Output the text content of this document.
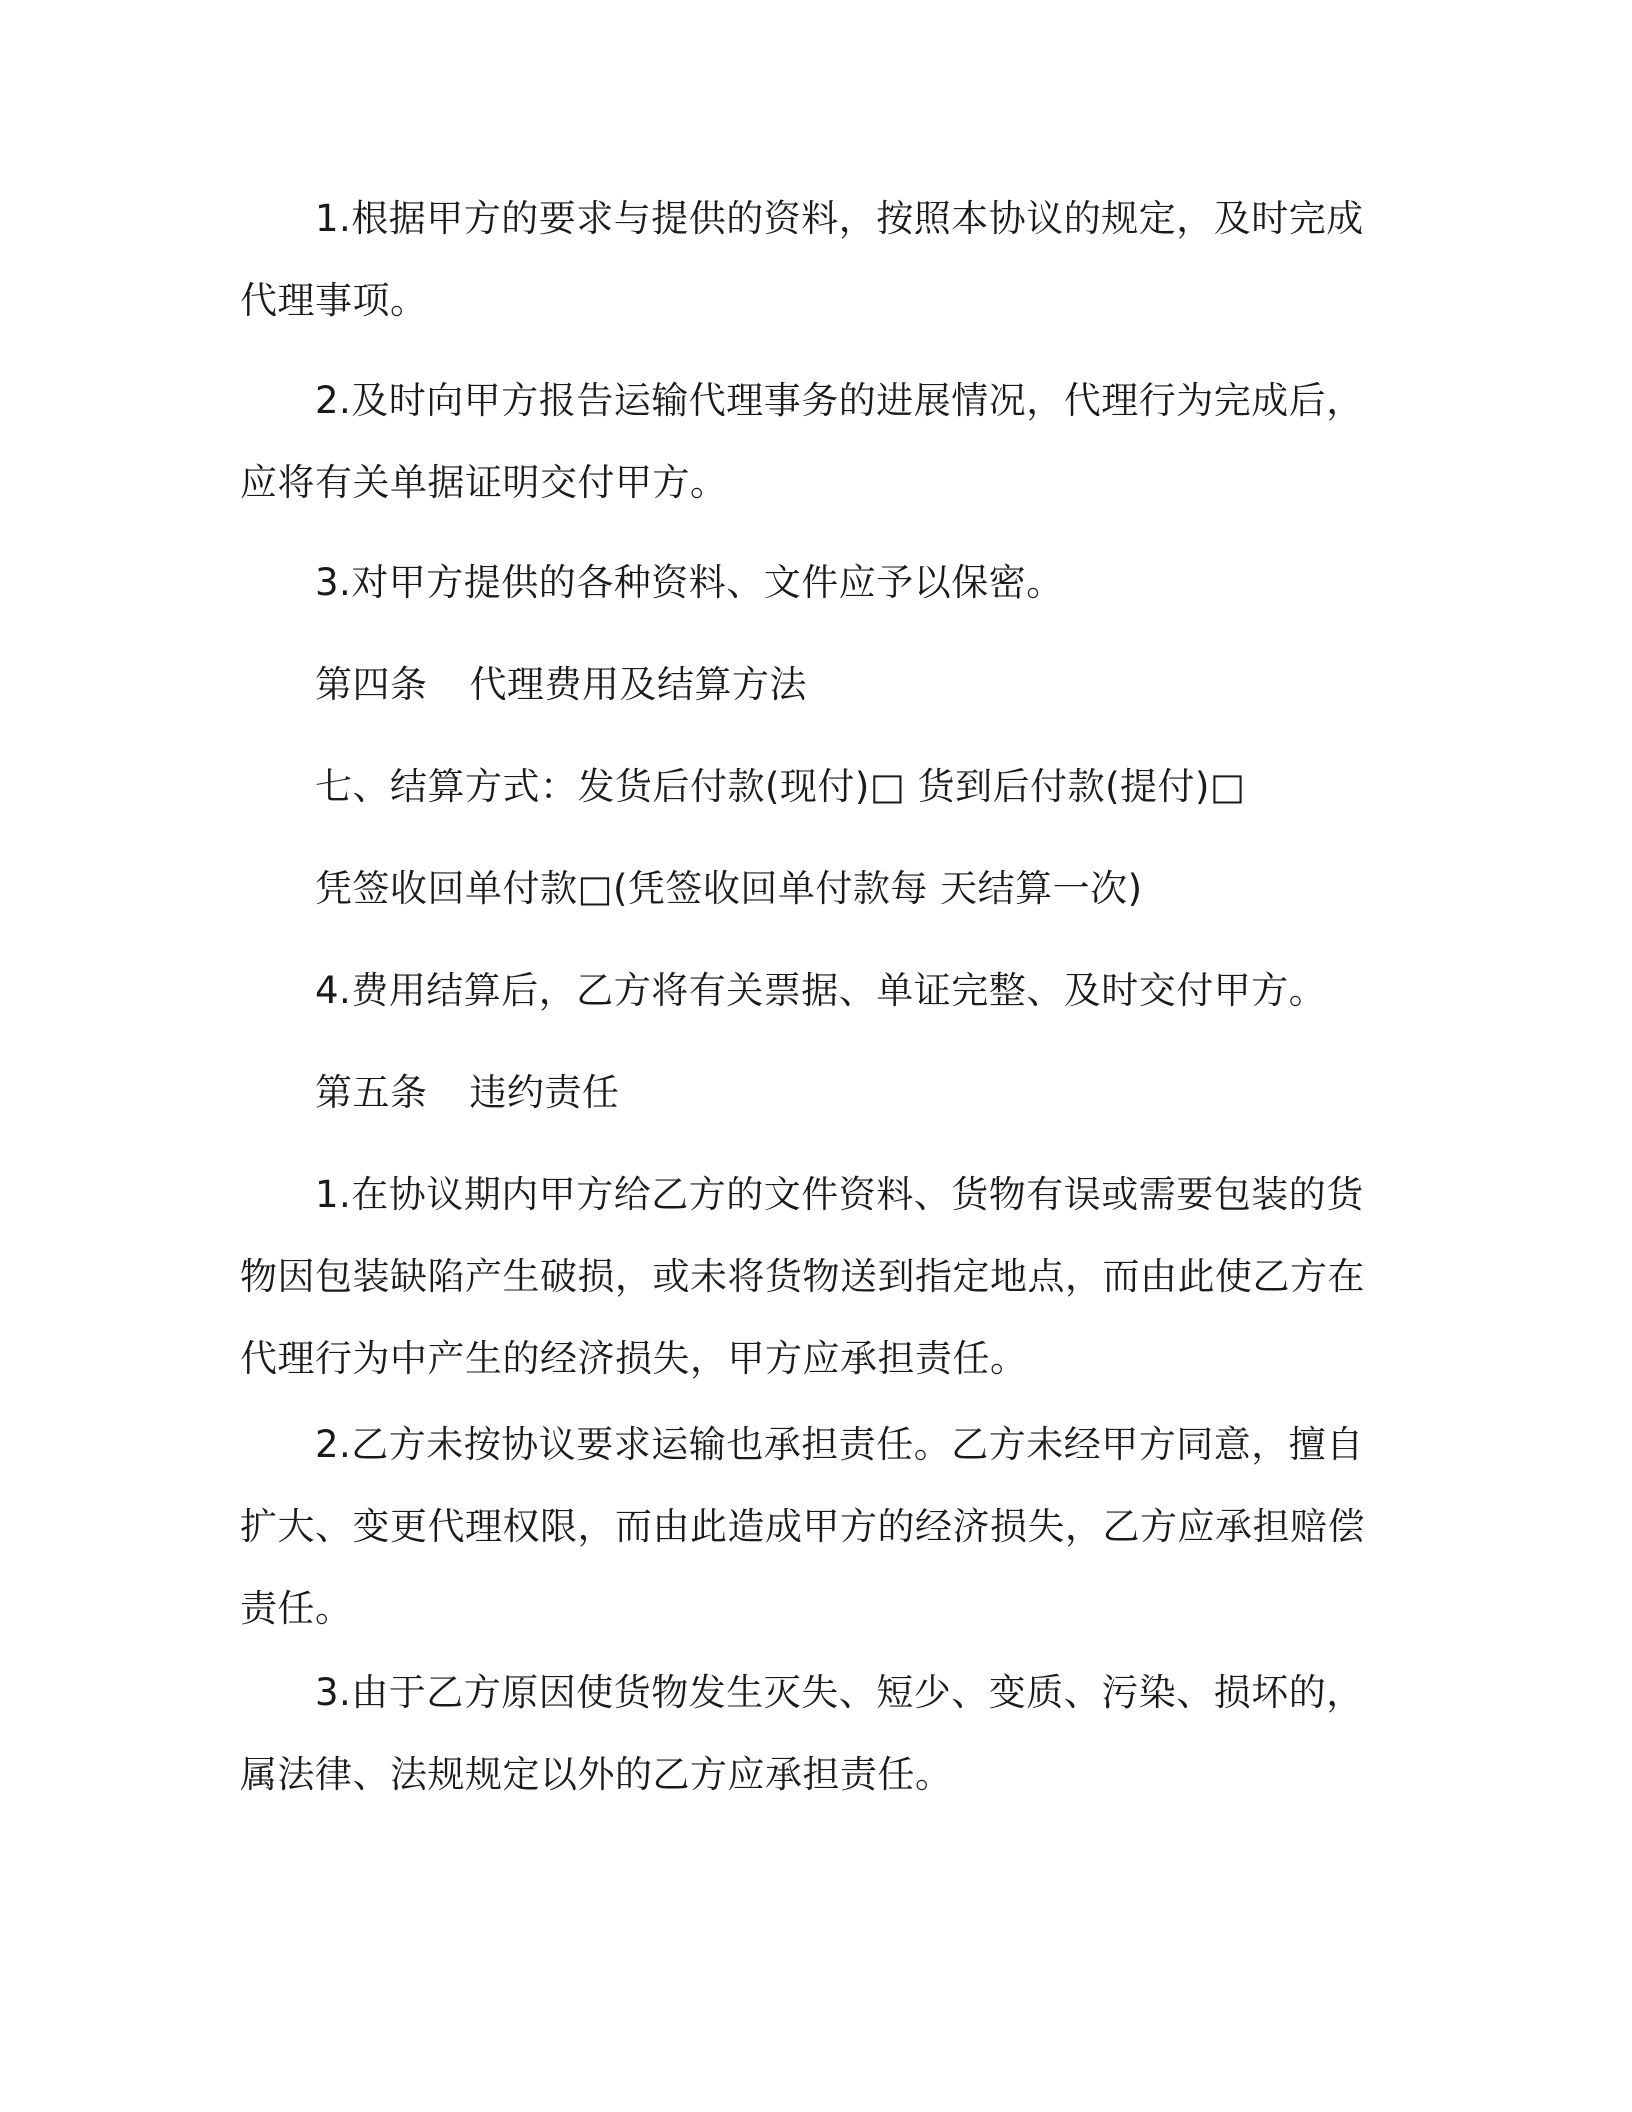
1.根据甲方的要求与提供的资料，按照本协议的规定，及时完成
代理事项。

2.及时向甲方报告运输代理事务的进展情况，代理行为完成后，
应将有关单据证明交付甲方。

3.对甲方提供的各种资料、文件应予以保密。

第四条 代理费用及结算方法

七、结算方式：发货后付款(现付)□ 货到后付款(提付)□

凭签收回单付款□(凭签收回单付款每 天结算一次)

4.费用结算后，乙方将有关票据、单证完整、及时交付甲方。

第五条 违约责任

1.在协议期内甲方给乙方的文件资料、货物有误或需要包装的货
物因包装缺陷产生破损，或未将货物送到指定地点，而由此使乙方在
代理行为中产生的经济损失，甲方应承担责任。

2.乙方未按协议要求运输也承担责任。乙方未经甲方同意，擅自
扩大、变更代理权限，而由此造成甲方的经济损失，乙方应承担赔偿
责任。

3.由于乙方原因使货物发生灭失、短少、变质、污染、损坏的，
属法律、法规规定以外的乙方应承担责任。
